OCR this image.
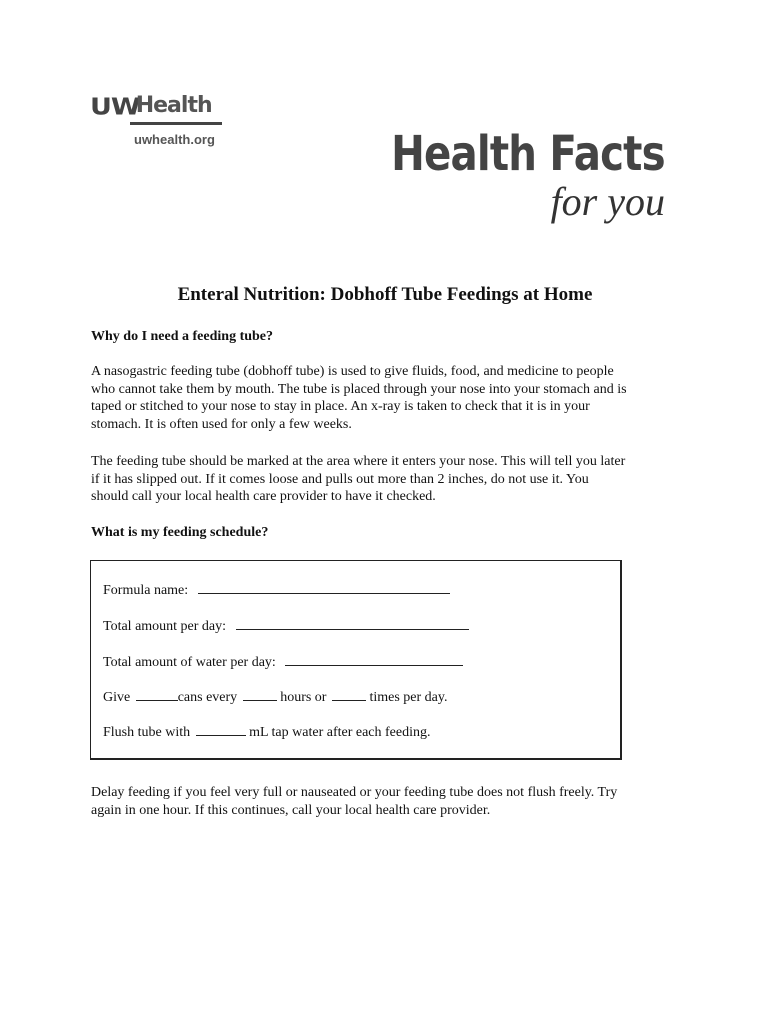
UWHealth
uwhealth.org	Health Facts
for you
Enteral Nutrition: Dobhoff Tube Feedings at Home
Why do I need a feeding tube?

A nasogastric feeding tube (dobhoff tube) is used to give fluids, food, and medicine to people
who cannot take them by mouth. The tube is placed through your nose into your stomach and is
taped or stitched to your nose to stay in place. An x-ray is taken to check that it is in your
stomach. It is often used for only a few weeks.

The feeding tube should be marked at the area where it enters your nose. This will tell you later
if it has slipped out. If it comes loose and pulls out more than 2 inches, do not use it. You
should call your local health care provider to have it checked.

What is my feeding schedule?
Formula name:
Total amount per day:
Total amount of water per day:
Give	cans every	hours or	times per day.
Flush tube with	mL tap water after each feeding.

Delay feeding if you feel very full or nauseated or your feeding tube does not flush freely. Try
again in one hour. If this continues, call your local health care provider.
